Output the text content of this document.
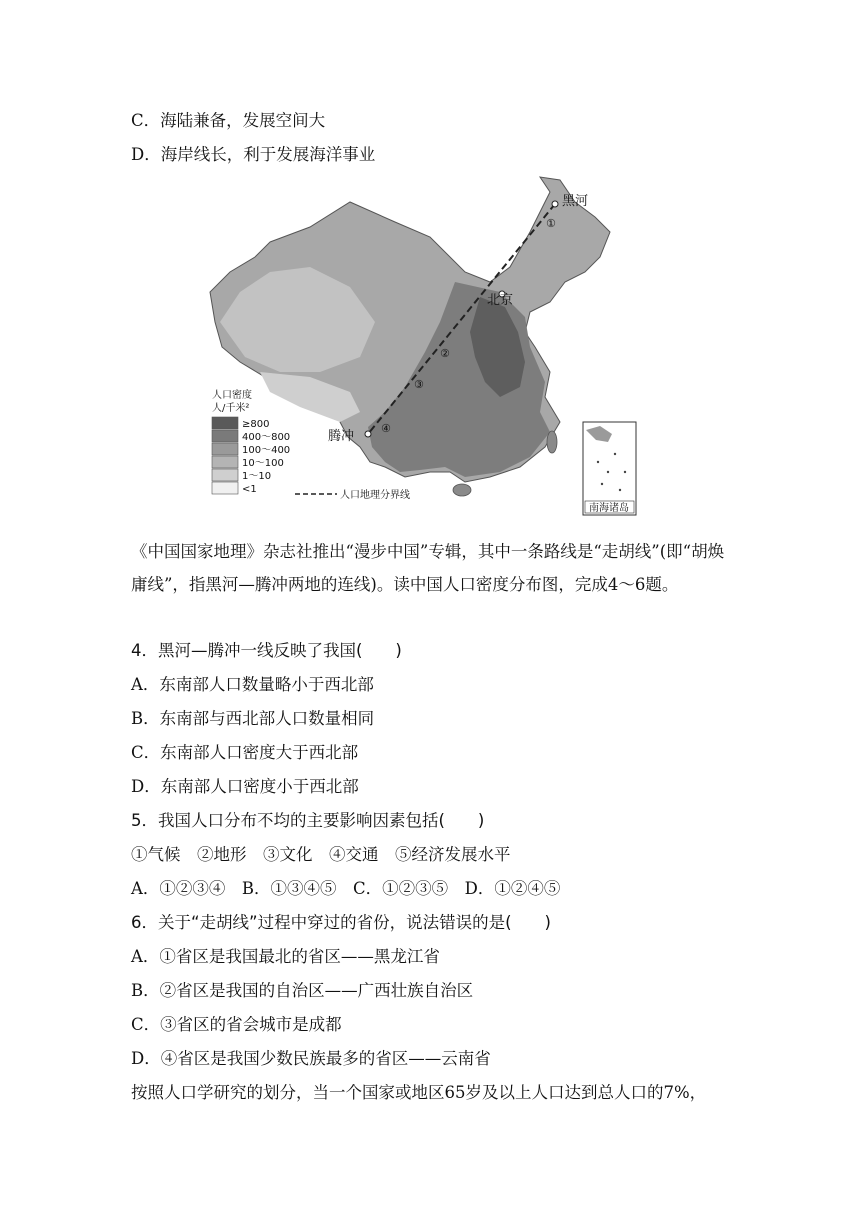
C．海陆兼备，发展空间大
D．海岸线长，利于发展海洋事业
黑河
北京
腾冲
①
②
③
④
人口密度
人/千米²
≥800
400～800
100～400
10～100
1～10
<1
人口地理分界线
南海诸岛
《中国国家地理》杂志社推出“漫步中国”专辑，其中一条路线是“走胡线”(即“胡焕庸线”，指黑河—腾冲两地的连线)。读中国人口密度分布图，完成4～6题。
4．黑河—腾冲一线反映了我国(　　)
A．东南部人口数量略小于西北部
B．东南部与西北部人口数量相同
C．东南部人口密度大于西北部
D．东南部人口密度小于西北部
5．我国人口分布不均的主要影响因素包括(　　)
①气候　②地形　③文化　④交通　⑤经济发展水平
A．①②③④　B．①③④⑤　C．①②③⑤　D．①②④⑤
6．关于“走胡线”过程中穿过的省份，说法错误的是(　　)
A．①省区是我国最北的省区——黑龙江省
B．②省区是我国的自治区——广西壮族自治区
C．③省区的省会城市是成都
D．④省区是我国少数民族最多的省区——云南省
按照人口学研究的划分，当一个国家或地区65岁及以上人口达到总人口的7%，
